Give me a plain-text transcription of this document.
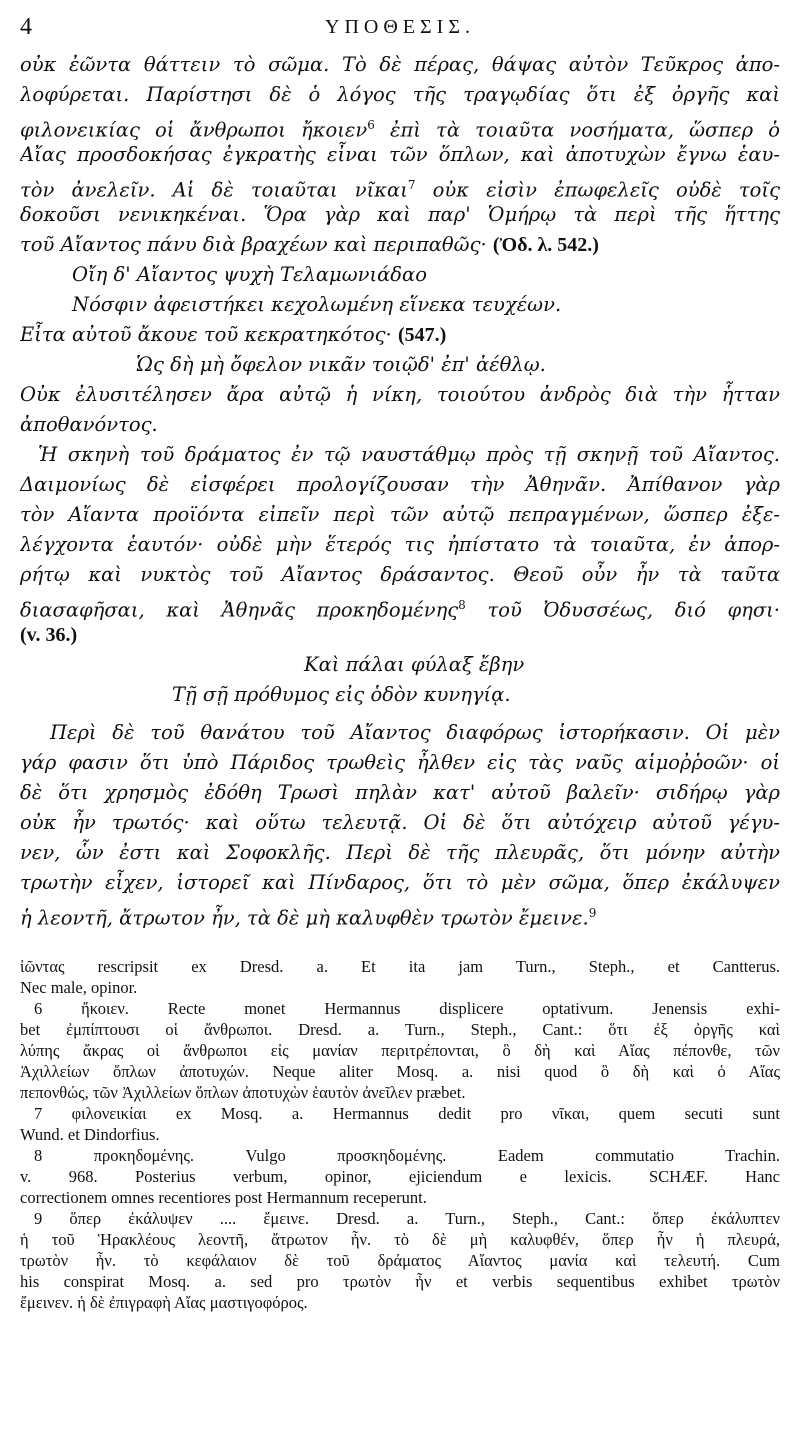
4	ΥΠΟΘΕΣΙΣ.
οὐκ ἐῶντα θάττειν τὸ σῶμα. Τὸ δὲ πέρας, θάψας αὐτὸν Τεῦκρος ἀπο-
λοφύρεται. Παρίστησι δὲ ὁ λόγος τῆς τραγῳδίας ὅτι ἐξ ὀργῆς καὶ
φιλονεικίας οἱ ἄνθρωποι ἤκοιεν$^6$ ἐπὶ τὰ τοιαῦτα νοσήματα, ὥσπερ ὁ
Αἴας προσδοκήσας ἐγκρατὴς εἶναι τῶν ὅπλων, καὶ ἀποτυχὼν ἔγνω ἑαυ-
τὸν ἀνελεῖν. Αἱ δὲ τοιαῦται νῖκαι$^7$ οὐκ εἰσὶν ἐπωφελεῖς οὐδὲ τοῖς
δοκοῦσι νενικηκέναι. Ὅρα γὰρ καὶ παρ' Ὁμήρῳ τὰ περὶ τῆς ἥττης
τοῦ Αἴαντος πάνυ διὰ βραχέων καὶ περιπαθῶς· (Ὀδ. λ. 542.)
Οἴη δ' Αἴαντος ψυχὴ Τελαμωνιάδαο
Νόσφιν ἀφειστήκει κεχολωμένη εἵνεκα τευχέων.
Εἶτα αὐτοῦ ἄκουε τοῦ κεκρατηκότος· (547.)
Ὡς δὴ μὴ ὄφελον νικᾶν τοιῷδ' ἐπ' ἀέθλῳ.
Οὐκ ἐλυσιτέλησεν ἄρα αὐτῷ ἡ νίκη, τοιούτου ἀνδρὸς διὰ τὴν ἧτταν
ἀποθανόντος.
Ἡ σκηνὴ τοῦ δράματος ἐν τῷ ναυστάθμῳ πρὸς τῇ σκηνῇ τοῦ Αἴαντος.
Δαιμονίως δὲ εἰσφέρει προλογίζουσαν τὴν Ἀθηνᾶν. Ἀπίθανον γὰρ
τὸν Αἴαντα προϊόντα εἰπεῖν περὶ τῶν αὐτῷ πεπραγμένων, ὥσπερ ἐξε-
λέγχοντα ἑαυτόν· οὐδὲ μὴν ἕτερός τις ἠπίστατο τὰ τοιαῦτα, ἐν ἀπορ-
ρήτῳ καὶ νυκτὸς τοῦ Αἴαντος δράσαντος. Θεοῦ οὖν ἦν τὰ ταῦτα
διασαφῆσαι, καὶ Ἀθηνᾶς προκηδομένης$^8$ τοῦ Ὀδυσσέως, διό φησι·
(v. 36.)
Καὶ πάλαι φύλαξ ἔβην
Τῇ σῇ πρόθυμος εἰς ὁδὸν κυνηγίᾳ.
Περὶ δὲ τοῦ θανάτου τοῦ Αἴαντος διαφόρως ἱστορήκασιν. Οἱ μὲν
γάρ φασιν ὅτι ὑπὸ Πάριδος τρωθεὶς ἦλθεν εἰς τὰς ναῦς αἱμοῤῥοῶν· οἱ
δὲ ὅτι χρησμὸς ἐδόθη Τρωσὶ πηλὰν κατ' αὐτοῦ βαλεῖν· σιδήρῳ γὰρ
οὐκ ἦν τρωτός· καὶ οὕτω τελευτᾷ. Οἱ δὲ ὅτι αὐτόχειρ αὐτοῦ γέγυ-
νεν, ὧν ἐστι καὶ Σοφοκλῆς. Περὶ δὲ τῆς πλευρᾶς, ὅτι μόνην αὐτὴν
τρωτὴν εἶχεν, ἱστορεῖ καὶ Πίνδαρος, ὅτι τὸ μὲν σῶμα, ὅπερ ἐκάλυψεν
ἡ λεοντῆ, ἄτρωτον ἦν, τὰ δὲ μὴ καλυφθὲν τρωτὸν ἔμεινε.$^9$
ἰῶντας rescripsit ex Dresd. a. Et ita jam Turn., Steph., et Cantterus.
Nec male, opinor.
6 ἤκοιεν. Recte monet Hermannus displicere optativum. Jenensis exhi-
bet ἐμπίπτουσι οἱ ἄνθρωποι. Dresd. a. Turn., Steph., Cant.: ὅτι ἐξ ὀργῆς καὶ
λύπης ἄκρας οἱ ἄνθρωποι εἰς μανίαν περιτρέπονται, ὃ δὴ καὶ Αἴας πέπονθε, τῶν
Ἀχιλλείων ὅπλων ἀποτυχών. Neque aliter Mosq. a. nisi quod ὃ δὴ καὶ ὁ Αἴας
πεπονθώς, τῶν Ἀχιλλείων ὅπλων ἀποτυχὼν ἑαυτὸν ἀνεῖλεν præbet.
7 φιλονεικίαι ex Mosq. a. Hermannus dedit pro νῖκαι, quem secuti sunt
Wund. et Dindorfius.
8 προκηδομένης. Vulgo προσκηδομένης. Eadem commutatio Trachin.
v. 968. Posterius verbum, opinor, ejiciendum e lexicis. SCHÆF. Hanc
correctionem omnes recentiores post Hermannum receperunt.
9 ὅπερ ἐκάλυψεν .... ἔμεινε. Dresd. a. Turn., Steph., Cant.: ὅπερ ἐκάλυπτεν
ἡ τοῦ Ἡρακλέους λεοντῆ, ἄτρωτον ἦν. τὸ δὲ μὴ καλυφθέν, ὅπερ ἦν ἡ πλευρά,
τρωτὸν ἦν. τὸ κεφάλαιον δὲ τοῦ δράματος Αἴαντος μανία καὶ τελευτή. Cum
his conspirat Mosq. a. sed pro τρωτὸν ἦν et verbis sequentibus exhibet τρωτὸν
ἔμεινεν. ἡ δὲ ἐπιγραφὴ Αἴας μαστιγοφόρος.
